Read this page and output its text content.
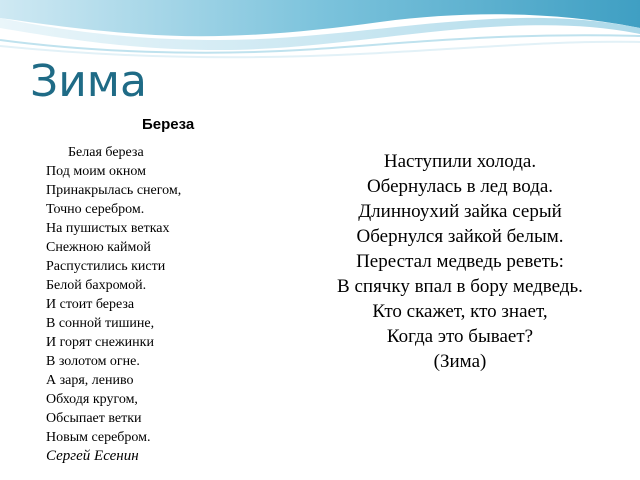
Зима
Береза
Белая береза
Под моим окном
Принакрылась снегом,
Точно серебром.
На пушистых ветках
Снежною каймой
Распустились кисти
Белой бахромой.
И стоит береза
В сонной тишине,
И горят снежинки
В золотом огне.
А заря, лениво
Обходя кругом,
Обсыпает ветки
Новым серебром.
Сергей Есенин
Наступили холода.
Обернулась в лед вода.
Длинноухий зайка серый
Обернулся зайкой белым.
Перестал медведь реветь:
В спячку впал в бору медведь.
Кто скажет, кто знает,
Когда это бывает?
(Зима)
